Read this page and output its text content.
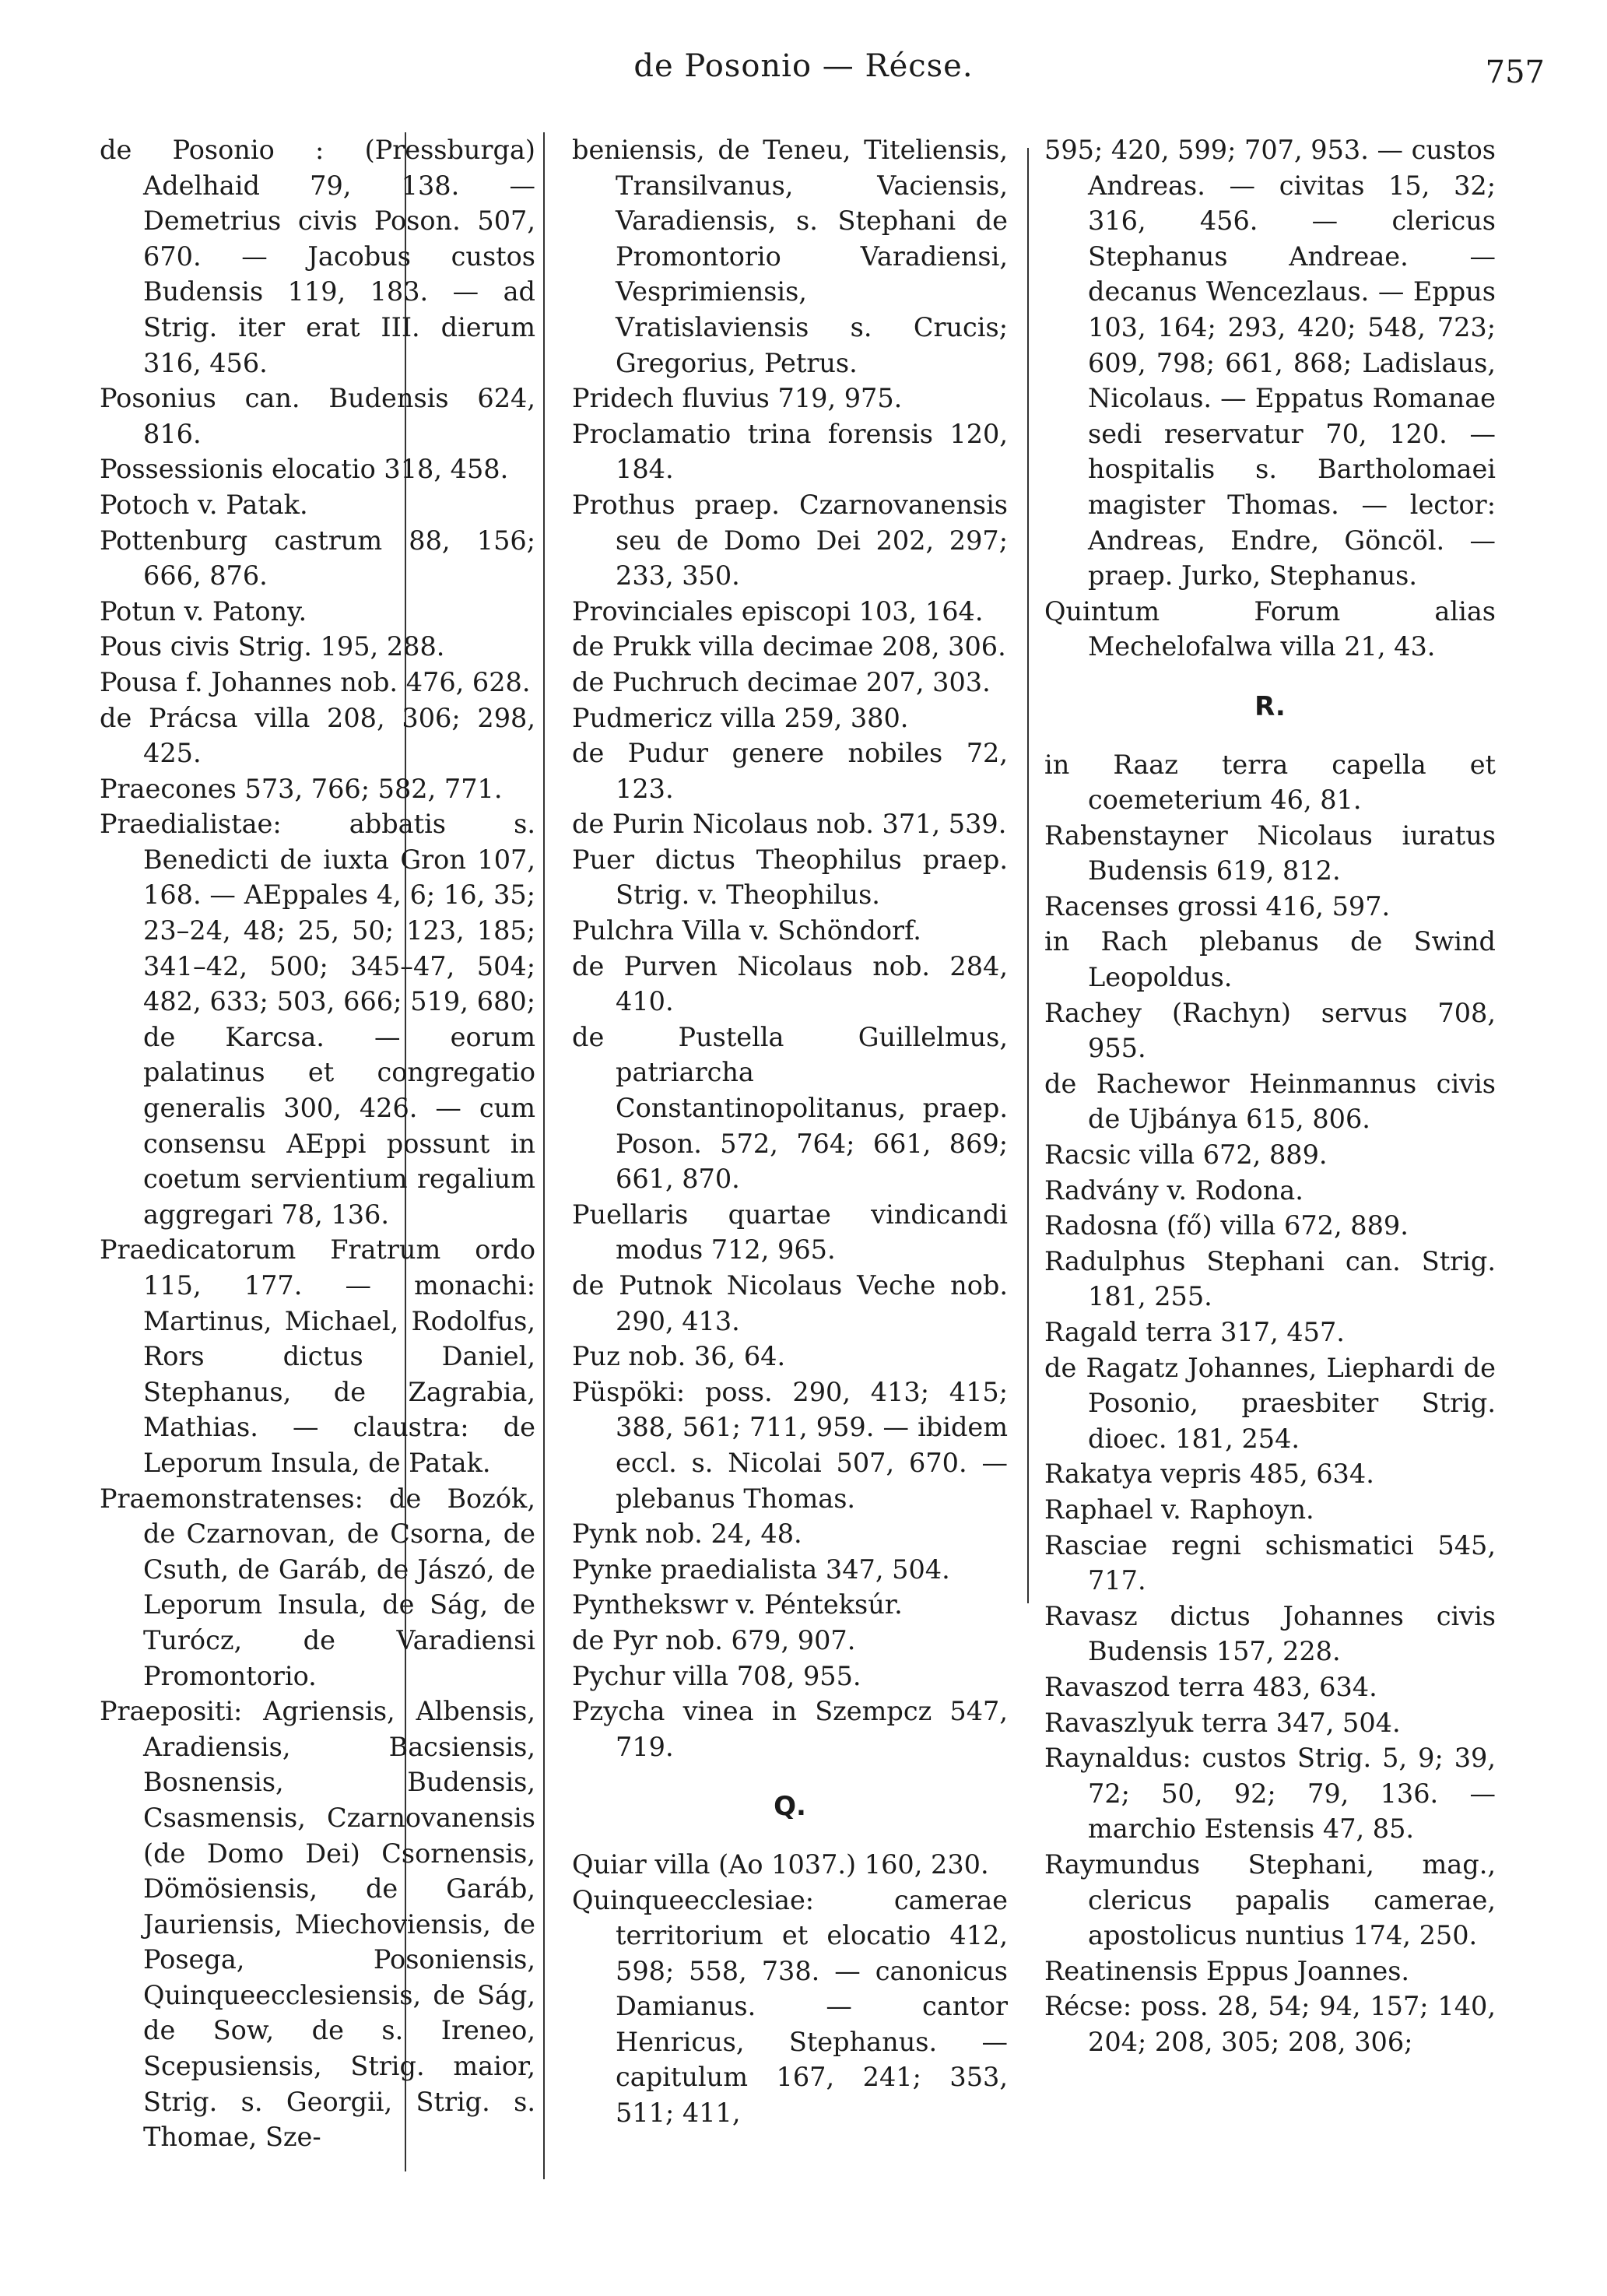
de Posonio — Récse.	757

de Posonio : (Pressburga) Adelhaid 79, 138. — Demetrius civis Poson. 507, 670. — Jacobus custos Budensis 119, 183. — ad Strig. iter erat III. dierum 316, 456.

Posonius can. Budensis 624, 816.

Possessionis elocatio 318, 458.

Potoch v. Patak.

Pottenburg castrum 88, 156; 666, 876.

Potun v. Patony.

Pous civis Strig. 195, 288.

Pousa f. Johannes nob. 476, 628.

de Prácsa villa 208, 306; 298, 425.

Praecones 573, 766; 582, 771.

Praedialistae: abbatis s. Benedicti de iuxta Gron 107, 168. — AEppales 4, 6; 16, 35; 23–24, 48; 25, 50; 123, 185; 341–42, 500; 345–47, 504; 482, 633; 503, 666; 519, 680; de Karcsa. — eorum palatinus et congregatio generalis 300, 426. — cum consensu AEppi possunt in coetum servientium regalium aggregari 78, 136.

Praedicatorum Fratrum ordo 115, 177. — monachi: Martinus, Michael, Rodolfus, Rors dictus Daniel, Stephanus, de Zagrabia, Mathias. — claustra: de Leporum Insula, de Patak.

Praemonstratenses: de Bozók, de Czarnovan, de Csorna, de Csuth, de Garáb, de Jászó, de Leporum Insula, de Ság, de Turócz, de Varadiensi Promontorio.

Praepositi: Agriensis, Albensis, Aradiensis, Bacsiensis, Bosnensis, Budensis, Csasmensis, Czarnovanensis (de Domo Dei) Csornensis, Dömösiensis, de Garáb, Jauriensis, Miechoviensis, de Posega, Posoniensis, Quinqueecclesiensis, de Ság, de Sow, de s. Ireneo, Scepusiensis, Strig. maior, Strig. s. Georgii, Strig. s. Thomae, Sze-

beniensis, de Teneu, Titeliensis, Transilvanus, Vaciensis, Varadiensis, s. Stephani de Promontorio Varadiensi, Vesprimiensis, Vratislaviensis s. Crucis; Gregorius, Petrus.

Pridech fluvius 719, 975.

Proclamatio trina forensis 120, 184.

Prothus praep. Czarnovanensis seu de Domo Dei 202, 297; 233, 350.

Provinciales episcopi 103, 164.

de Prukk villa decimae 208, 306.

de Puchruch decimae 207, 303.

Pudmericz villa 259, 380.

de Pudur genere nobiles 72, 123.

de Purin Nicolaus nob. 371, 539.

Puer dictus Theophilus praep. Strig. v. Theophilus.

Pulchra Villa v. Schöndorf.

de Purven Nicolaus nob. 284, 410.

de Pustella Guillelmus, patriarcha Constantinopolitanus, praep. Poson. 572, 764; 661, 869; 661, 870.

Puellaris quartae vindicandi modus 712, 965.

de Putnok Nicolaus Veche nob. 290, 413.

Puz nob. 36, 64.

Püspöki: poss. 290, 413; 415; 388, 561; 711, 959. — ibidem eccl. s. Nicolai 507, 670. — plebanus Thomas.

Pynk nob. 24, 48.

Pynke praedialista 347, 504.

Pynthekswr v. Pénteksúr.

de Pyr nob. 679, 907.

Pychur villa 708, 955.

Pzycha vinea in Szempcz 547, 719.

Q.

Quiar villa (Ao 1037.) 160, 230.

Quinqueecclesiae: camerae territorium et elocatio 412, 598; 558, 738. — canonicus Damianus. — cantor Henricus, Stephanus. — capitulum 167, 241; 353, 511; 411,

595; 420, 599; 707, 953. — custos Andreas. — civitas 15, 32; 316, 456. — clericus Stephanus Andreae. — decanus Wencezlaus. — Eppus 103, 164; 293, 420; 548, 723; 609, 798; 661, 868; Ladislaus, Nicolaus. — Eppatus Romanae sedi reservatur 70, 120. — hospitalis s. Bartholomaei magister Thomas. — lector: Andreas, Endre, Göncöl. — praep. Jurko, Stephanus.

Quintum Forum alias Mechelofalwa villa 21, 43.

R.

in Raaz terra capella et coemeterium 46, 81.

Rabenstayner Nicolaus iuratus Budensis 619, 812.

Racenses grossi 416, 597.

in Rach plebanus de Swind Leopoldus.

Rachey (Rachyn) servus 708, 955.

de Rachewor Heinmannus civis de Ujbánya 615, 806.

Racsic villa 672, 889.

Radvány v. Rodona.

Radosna (fő) villa 672, 889.

Radulphus Stephani can. Strig. 181, 255.

Ragald terra 317, 457.

de Ragatz Johannes, Liephardi de Posonio, praesbiter Strig. dioec. 181, 254.

Rakatya vepris 485, 634.

Raphael v. Raphoyn.

Rasciae regni schismatici 545, 717.

Ravasz dictus Johannes civis Budensis 157, 228.

Ravaszod terra 483, 634.

Ravaszlyuk terra 347, 504.

Raynaldus: custos Strig. 5, 9; 39, 72; 50, 92; 79, 136. — marchio Estensis 47, 85.

Raymundus Stephani, mag., clericus papalis camerae, apostolicus nuntius 174, 250.

Reatinensis Eppus Joannes.

Récse: poss. 28, 54; 94, 157; 140, 204; 208, 305; 208, 306;
